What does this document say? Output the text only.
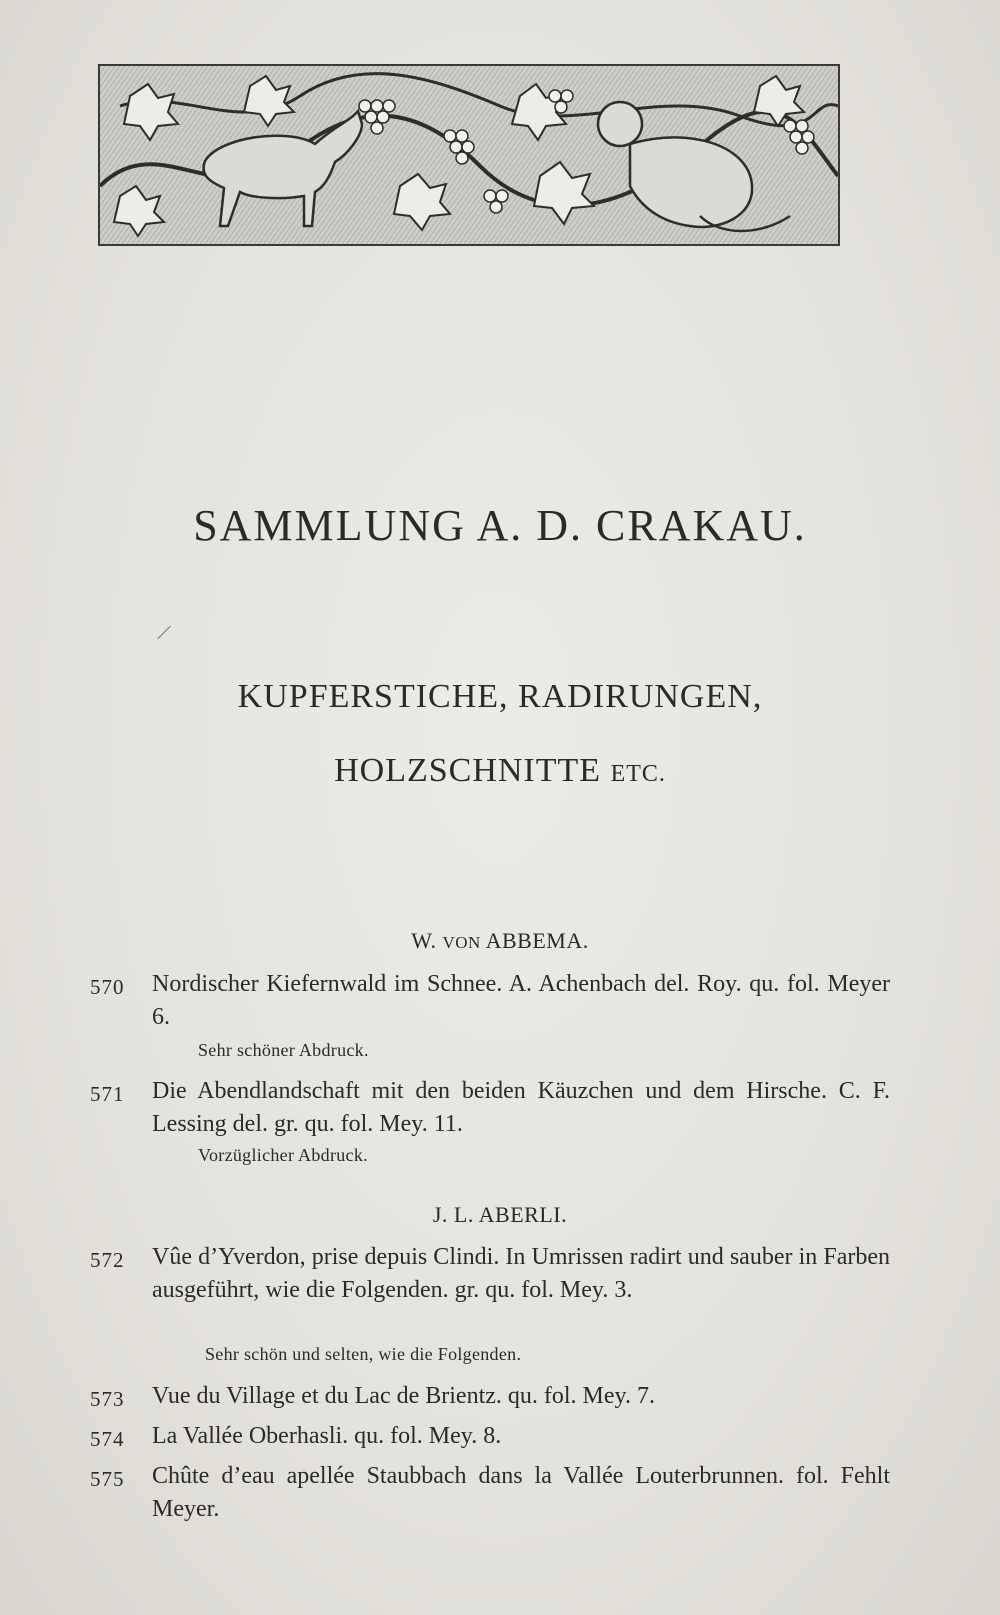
SAMMLUNG A. D. CRAKAU.
KUPFERSTICHE, RADIRUNGEN,
HOLZSCHNITTE ETC.
W. VON ABBEMA.
570	Nordischer Kiefernwald im Schnee. A. Achenbach del. Roy. qu. fol. Meyer 6.
Sehr schöner Abdruck.
571	Die Abendlandschaft mit den beiden Käuzchen und dem Hirsche. C. F. Lessing del. gr. qu. fol. Mey. 11.
Vorzüglicher Abdruck.
J. L. ABERLI.
572	Vûe d’Yverdon, prise depuis Clindi. In Umrissen radirt und sauber in Farben ausgeführt, wie die Folgenden. gr. qu. fol. Mey. 3.
Sehr schön und selten, wie die Folgenden.
573	Vue du Village et du Lac de Brientz. qu. fol. Mey. 7.
574	La Vallée Oberhasli. qu. fol. Mey. 8.
575	Chûte d’eau apellée Staubbach dans la Vallée Louterbrunnen. fol. Fehlt Meyer.
